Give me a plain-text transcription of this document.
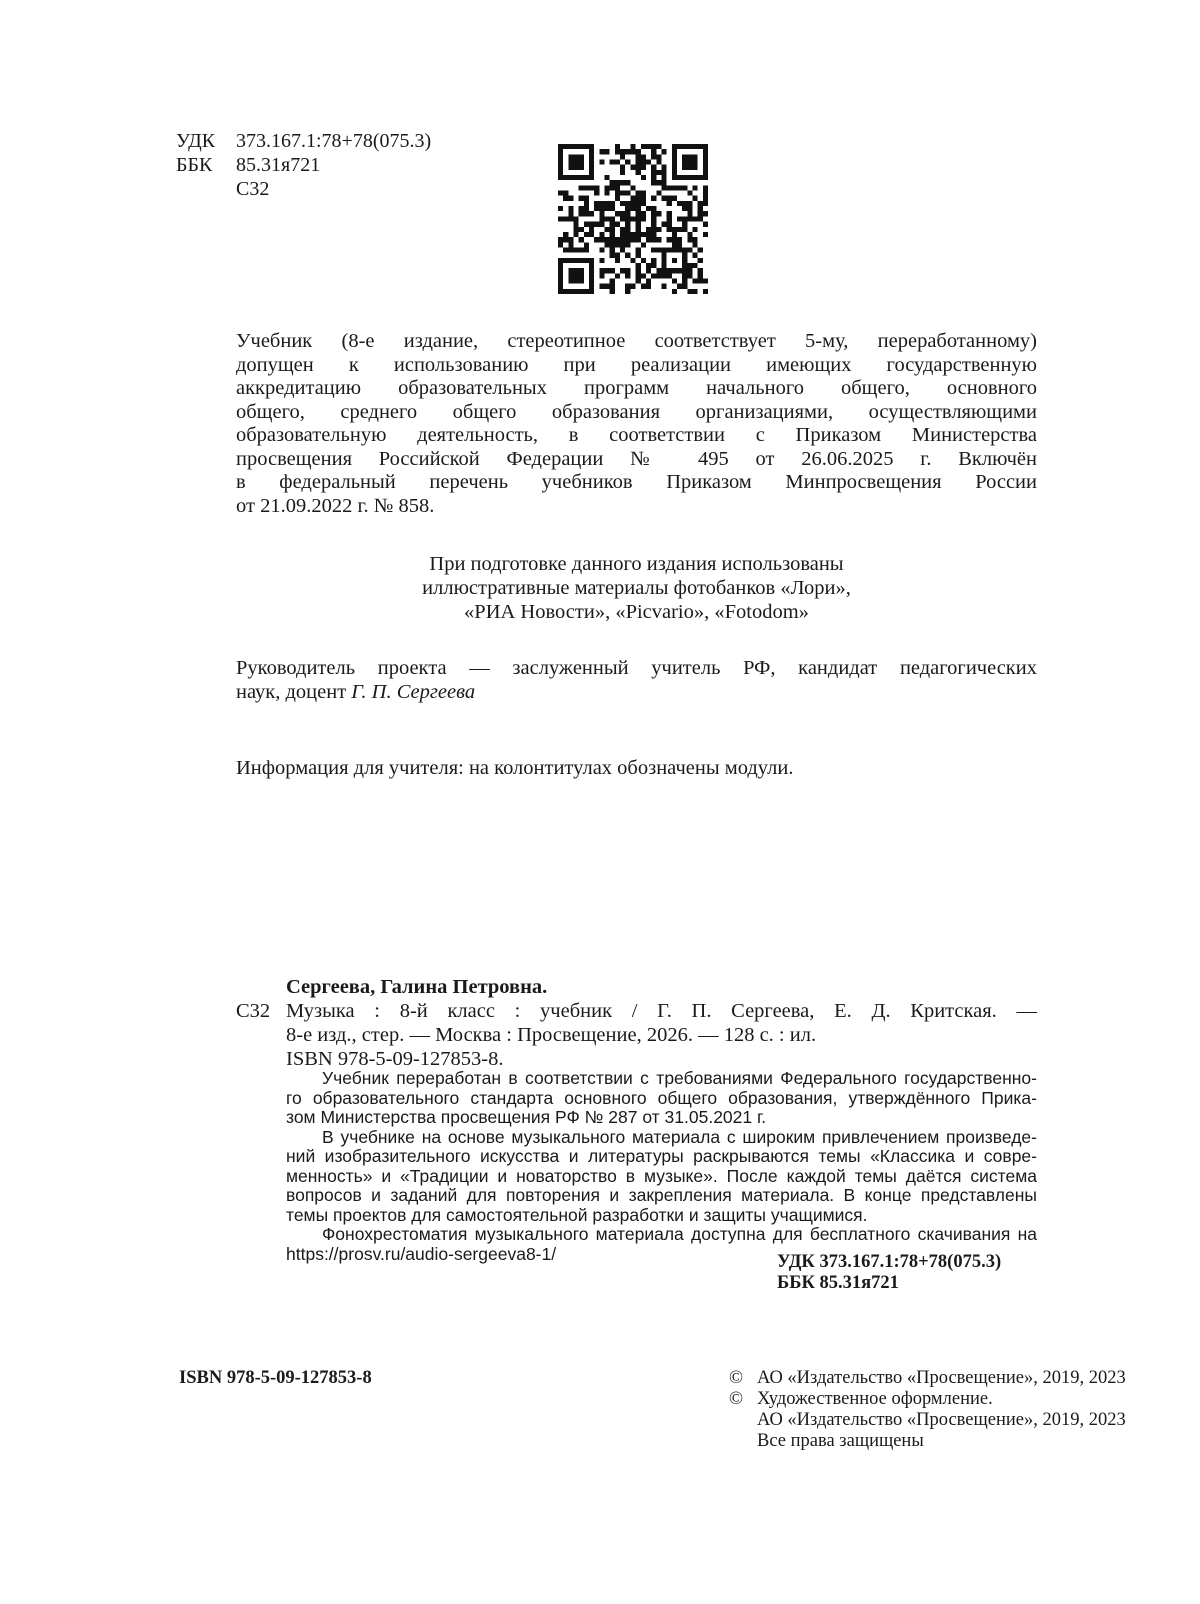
УДК 373.167.1:78+78(075.3)
ББК 85.31я721
С32
Учебник (8-е издание, стереотипное соответствует 5-му, переработанному)
допущен к использованию при реализации имеющих государственную
аккредитацию образовательных программ начального общего, основного
общего, среднего общего образования организациями, осуществляющими
образовательную деятельность, в соответствии с Приказом Министерства
просвещения Российской Федерации № 495 от 26.06.2025 г. Включён
в федеральный перечень учебников Приказом Минпросвещения России
от 21.09.2022 г. № 858.
При подготовке данного издания использованы
иллюстративные материалы фотобанков «Лори»,
«РИА Новости», «Picvario», «Fotodom»
Руководитель проекта — заслуженный учитель РФ, кандидат педагогических
наук, доцент Г. П. Сергеева
Информация для учителя: на колонтитулах обозначены модули.
Сергеева, Галина Петровна.
С32 Музыка : 8-й класс : учебник / Г. П. Сергеева, Е. Д. Критская. —
8-е изд., стер. — Москва : Просвещение, 2026. — 128 с. : ил.
ISBN 978-5-09-127853-8.
Учебник переработан в соответствии с требованиями Федерального государственно-
го образовательного стандарта основного общего образования, утверждённого Прика-
зом Министерства просвещения РФ № 287 от 31.05.2021 г.
В учебнике на основе музыкального материала с широким привлечением произведе-
ний изобразительного искусства и литературы раскрываются темы «Классика и совре-
менность» и «Традиции и новаторство в музыке». После каждой темы даётся система
вопросов и заданий для повторения и закрепления материала. В конце представлены
темы проектов для самостоятельной разработки и защиты учащимися.
Фонохрестоматия музыкального материала доступна для бесплатного скачивания на
https://prosv.ru/audio-sergeeva8-1/	УДК 373.167.1:78+78(075.3)
ББК 85.31я721
ISBN 978-5-09-127853-8	© АО «Издательство «Просвещение», 2019, 2023
© Художественное оформление.
АО «Издательство «Просвещение», 2019, 2023
Все права защищены
